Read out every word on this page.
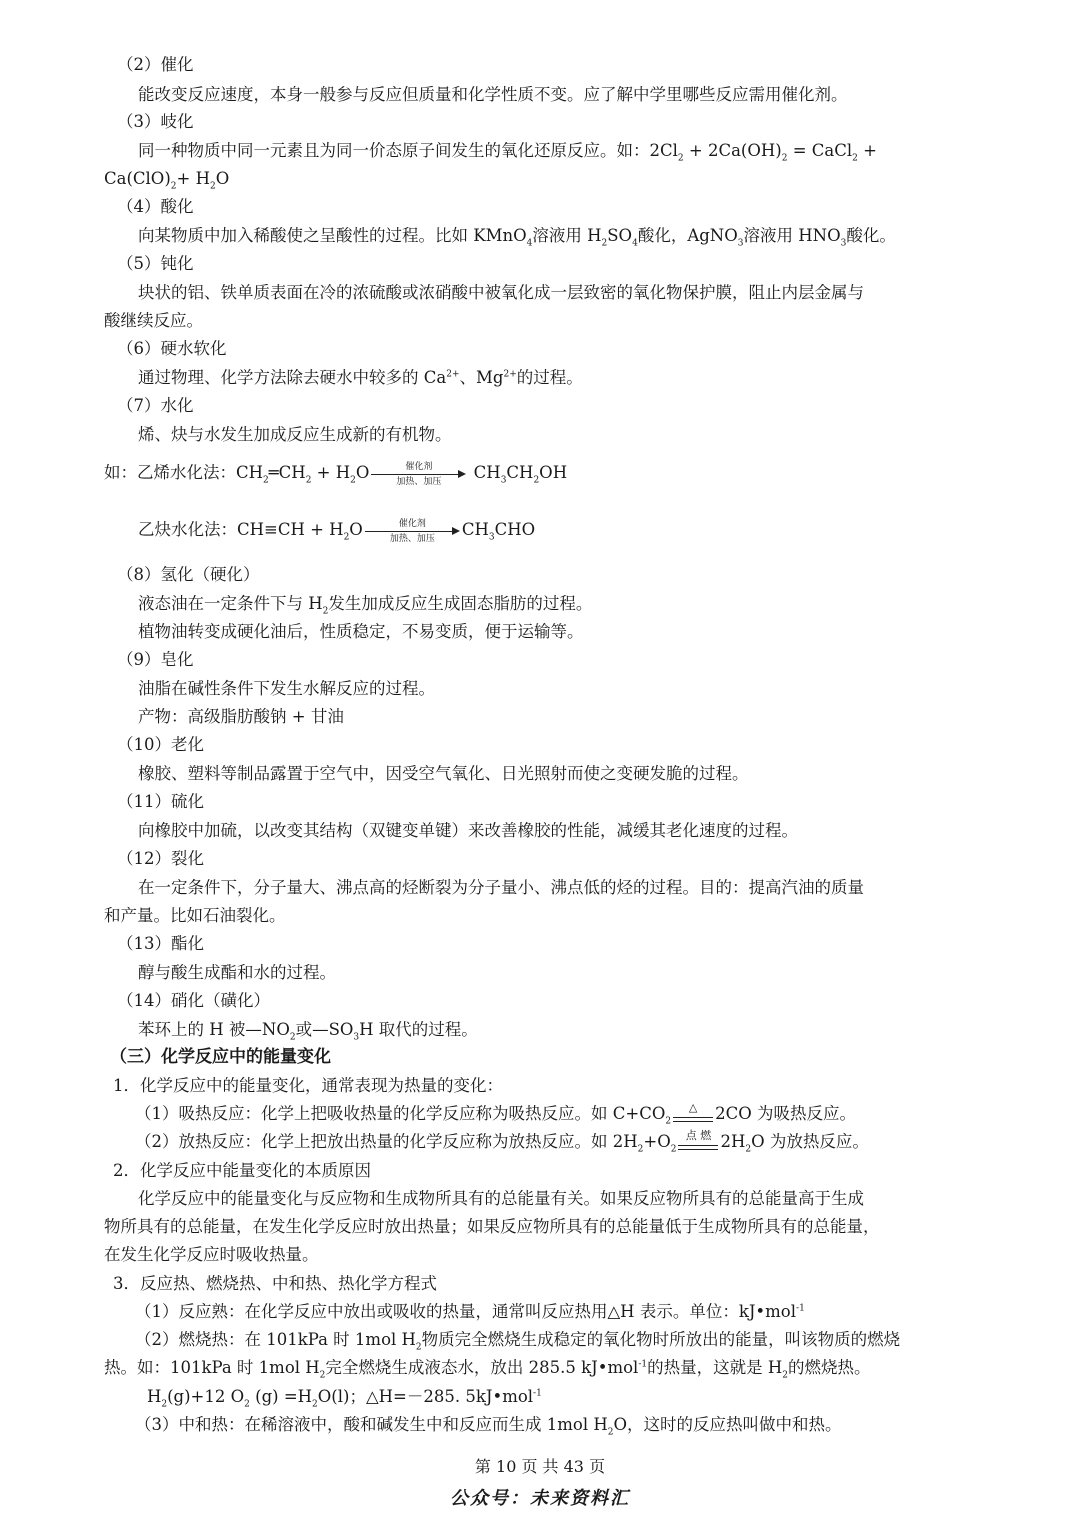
（2）催化
能改变反应速度，本身一般参与反应但质量和化学性质不变。应了解中学里哪些反应需用催化剂。
（3）岐化
同一种物质中同一元素且为同一价态原子间发生的氧化还原反应。如：$2Cl_2 + 2Ca(OH)_2$ = CaCl$_2$ +
$Ca(ClO)_2+ H_2O$
（4）酸化
向某物质中加入稀酸使之呈酸性的过程。比如 KMnO$_4$溶液用 $H_2SO_4$酸化，AgNO$_3$溶液用 $HNO_3$酸化。
（5）钝化
块状的铝、铁单质表面在冷的浓硫酸或浓硝酸中被氧化成一层致密的氧化物保护膜，阻止内层金属与
酸继续反应。
（6）硬水软化
通过物理、化学方法除去硬水中较多的 $Ca^{2+}$、$Mg^{2+}$的过程。
（7）水化
烯、炔与水发生加成反应生成新的有机物。
如：乙烯水化法：$CH_2═CH_2 + H_2O$	催化剂
加热、加压	$CH_3CH_2OH$
乙炔水化法：$CH\equiv CH + H_2O$	催化剂
加热、加压	$CH_3CHO$
（8）氢化（硬化）
液态油在一定条件下与 $H_2$发生加成反应生成固态脂肪的过程。
植物油转变成硬化油后，性质稳定，不易变质，便于运输等。
（9）皂化
油脂在碱性条件下发生水解反应的过程。
产物：高级脂肪酸钠 + 甘油
（10）老化
橡胶、塑料等制品露置于空气中，因受空气氧化、日光照射而使之变硬发脆的过程。
（11）硫化
向橡胶中加硫，以改变其结构（双键变单键）来改善橡胶的性能，减缓其老化速度的过程。
（12）裂化
在一定条件下，分子量大、沸点高的烃断裂为分子量小、沸点低的烃的过程。目的：提高汽油的质量
和产量。比如石油裂化。
（13）酯化
醇与酸生成酯和水的过程。
（14）硝化（磺化）
苯环上的 H 被$—NO_2$或$—SO_3H$ 取代的过程。
（三）化学反应中的能量变化
1．化学反应中的能量变化，通常表现为热量的变化：
（1）吸热反应：化学上把吸收热量的化学反应称为吸热反应。如 $C+CO_2$
△	2CO 为吸热反应。
（2）放热反应：化学上把放出热量的化学反应称为放热反应。如 $2H_2+O_2$
点 燃 $2H_2O$ 为放热反应。
2．化学反应中能量变化的本质原因
化学反应中的能量变化与反应物和生成物所具有的总能量有关。如果反应物所具有的总能量高于生成
物所具有的总能量，在发生化学反应时放出热量；如果反应物所具有的总能量低于生成物所具有的总能量，
在发生化学反应时吸收热量。
3．反应热、燃烧热、中和热、热化学方程式
（1）反应熟：在化学反应中放出或吸收的热量，通常叫反应热用△H 表示。单位：kJ•mol$^{-1}$
（2）燃烧热：在 101kPa 时 1mol $H_2$物质完全燃烧生成稳定的氧化物时所放出的能量，叫该物质的燃烧
热。如：101kPa 时 1mol $H_2$完全燃烧生成液态水，放出 285.5 kJ•mol$^{-1}$的热量，这就是 $H_2$的燃烧热。
$H_2(g)+12$ $O_2$ $(g) =H_2O(l)$；△H=－285. 5kJ•mol$^{-1}$
（3）中和热：在稀溶液中，酸和碱发生中和反应而生成 1mol $H_2O$，这时的反应热叫做中和热。
第 10 页 共 43 页
公众号：未来资料汇
